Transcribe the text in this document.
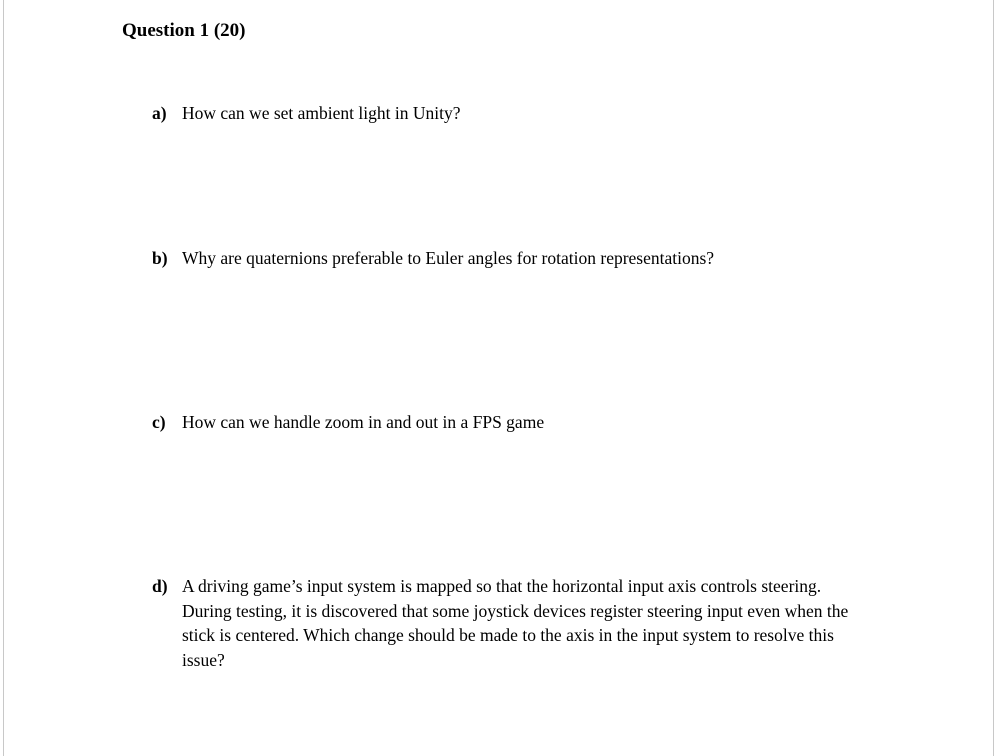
Question 1 (20)
a) How can we set ambient light in Unity?
b) Why are quaternions preferable to Euler angles for rotation representations?
c) How can we handle zoom in and out in a FPS game
d) A driving game’s input system is mapped so that the horizontal input axis controls steering.
During testing, it is discovered that some joystick devices register steering input even when the
stick is centered. Which change should be made to the axis in the input system to resolve this
issue?
